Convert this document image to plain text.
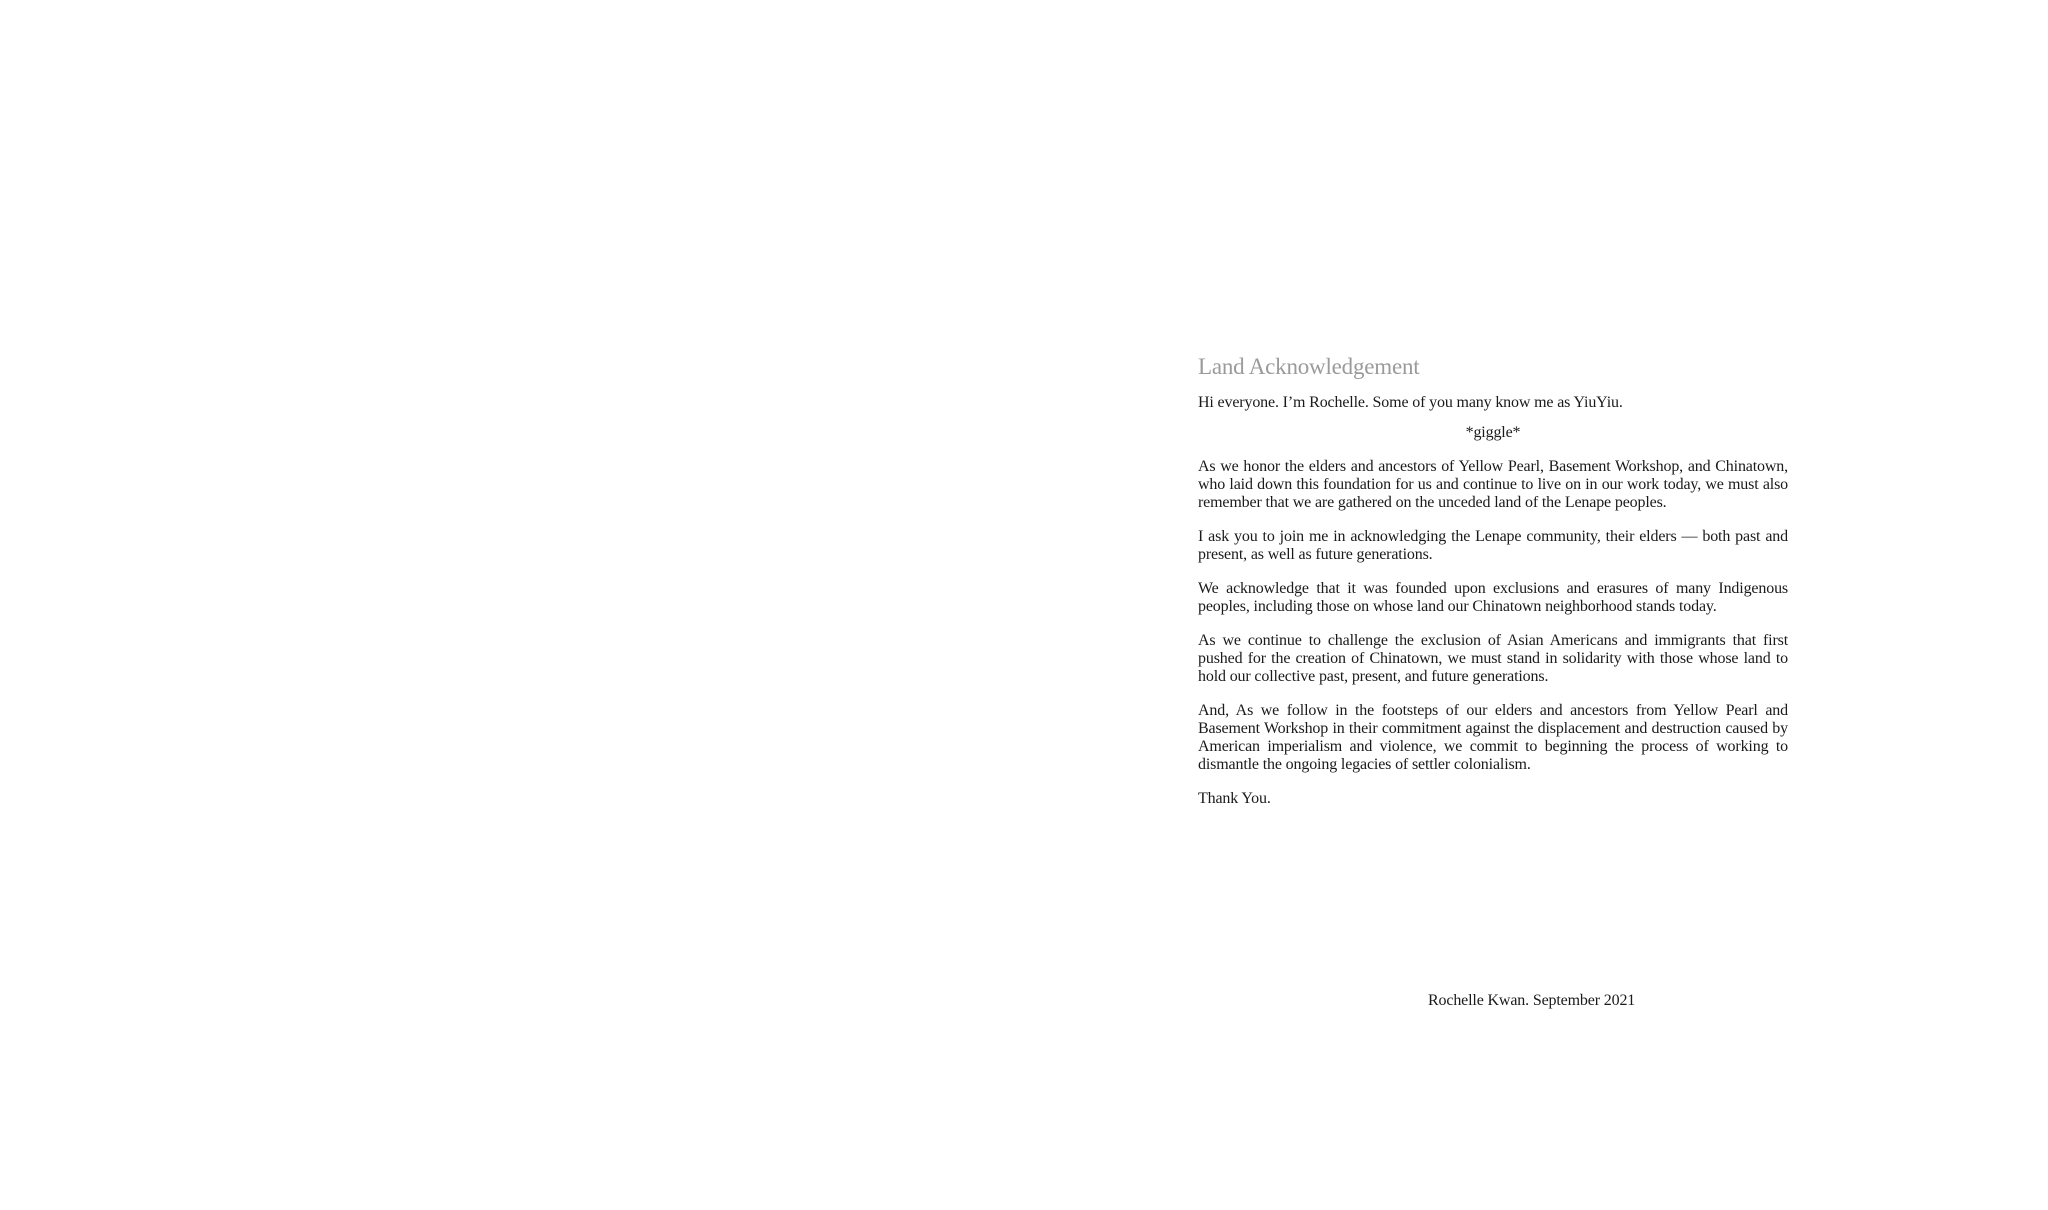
Land Acknowledgement

Hi everyone. I’m Rochelle. Some of you many know me as YiuYiu.

*giggle*

As we honor the elders and ancestors of Yellow Pearl, Basement Workshop, and Chinatown, who laid down this foundation for us and continue to live on in our work today, we must also remember that we are gathered on the unceded land of the Lenape peoples.

I ask you to join me in acknowledging the Lenape community, their elders — both past and present, as well as future generations.

We acknowledge that it was founded upon exclusions and erasures of many Indigenous peoples, including those on whose land our Chinatown neighborhood stands today.

As we continue to challenge the exclusion of Asian Americans and immigrants that first pushed for the creation of Chinatown, we must stand in solidarity with those whose land to hold our collective past, present, and future generations.

And, As we follow in the footsteps of our elders and ancestors from Yellow Pearl and Basement Workshop in their commitment against the displacement and destruction caused by American imperialism and violence, we commit to beginning the process of working to dismantle the ongoing legacies of settler colonialism.

Thank You.

Rochelle Kwan. September 2021
